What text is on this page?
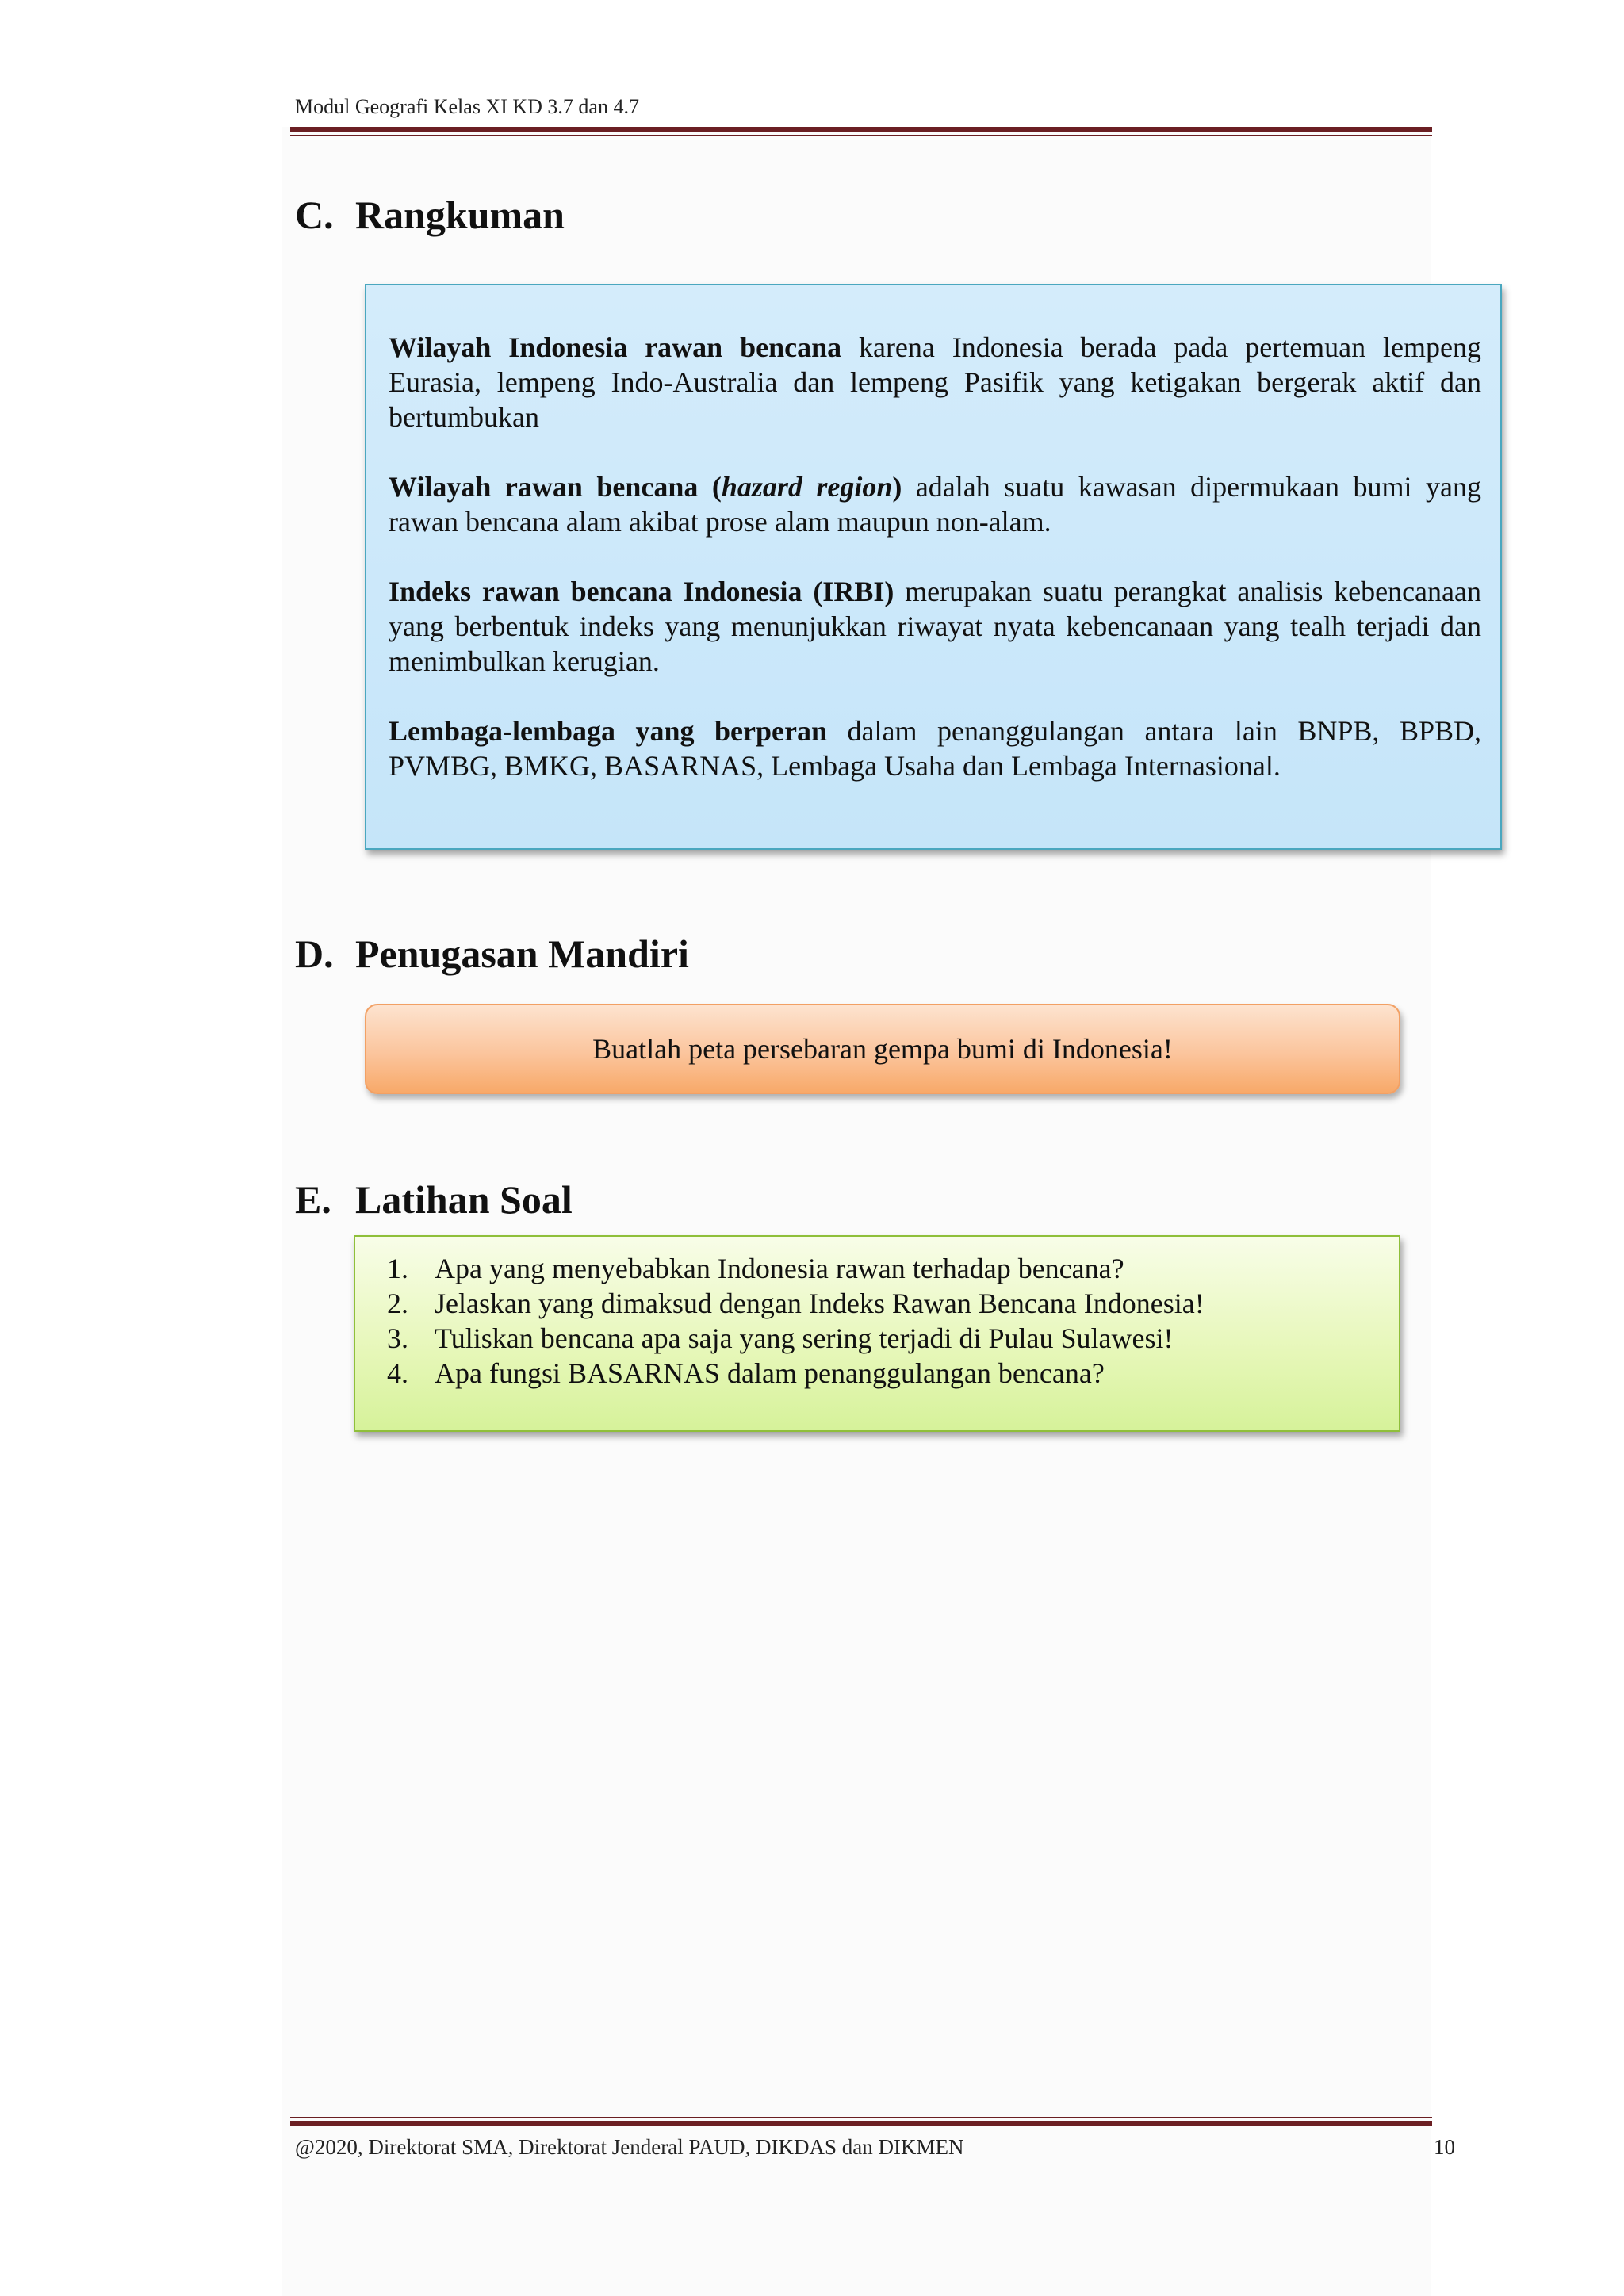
Modul Geografi Kelas XI KD 3.7 dan 4.7
C. Rangkuman

Wilayah Indonesia rawan bencana karena Indonesia berada pada pertemuan lempeng Eurasia, lempeng Indo-Australia dan lempeng Pasifik yang ketigakan bergerak aktif dan bertumbukan

Wilayah rawan bencana (hazard region) adalah suatu kawasan dipermukaan bumi yang rawan bencana alam akibat prose alam maupun non-alam.

Indeks rawan bencana Indonesia (IRBI) merupakan suatu perangkat analisis kebencanaan yang berbentuk indeks yang menunjukkan riwayat nyata kebencanaan yang tealh terjadi dan menimbulkan kerugian.

Lembaga-lembaga yang berperan dalam penanggulangan antara lain BNPB, BPBD, PVMBG, BMKG, BASARNAS, Lembaga Usaha dan Lembaga Internasional.

D. Penugasan Mandiri
Buatlah peta persebaran gempa bumi di Indonesia!
E. Latihan Soal
1. Apa yang menyebabkan Indonesia rawan terhadap bencana?
2. Jelaskan yang dimaksud dengan Indeks Rawan Bencana Indonesia!
3. Tuliskan bencana apa saja yang sering terjadi di Pulau Sulawesi!
4. Apa fungsi BASARNAS dalam penanggulangan bencana?
@2020, Direktorat SMA, Direktorat Jenderal PAUD, DIKDAS dan DIKMEN	10
